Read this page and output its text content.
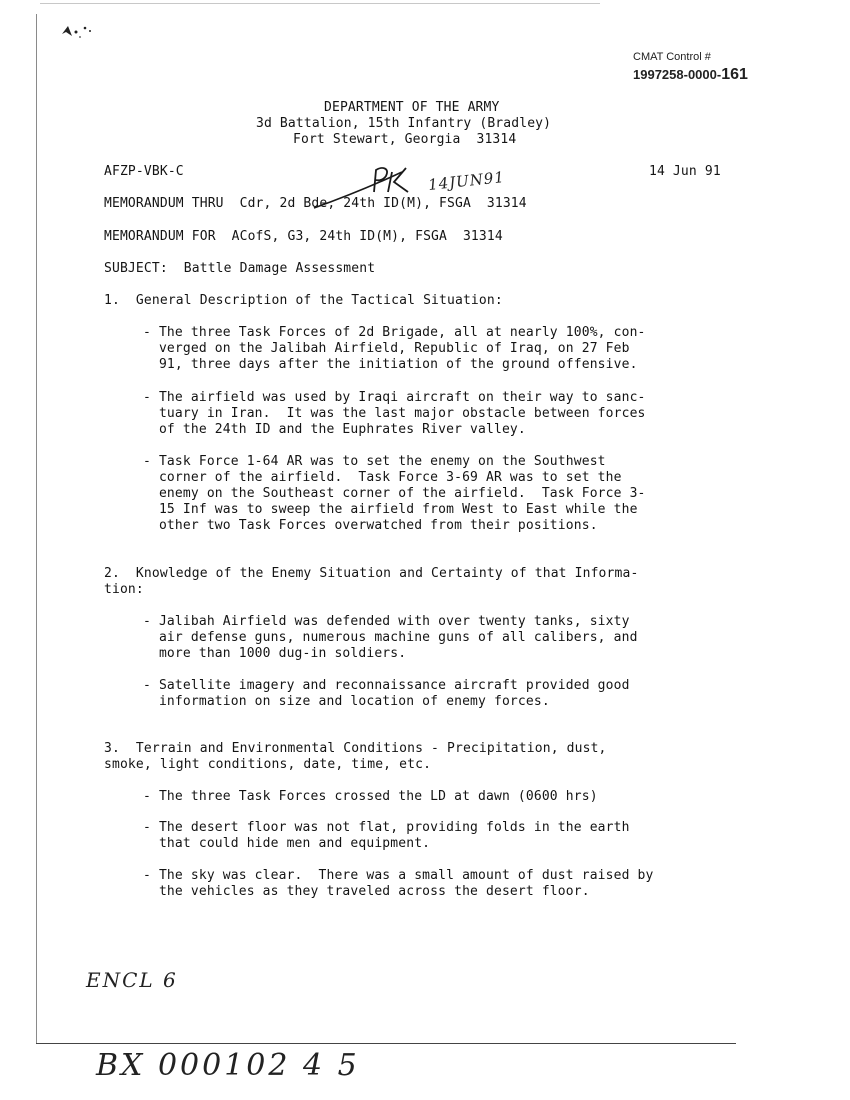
CMAT Control #
1997258-0000-161
DEPARTMENT OF THE ARMY
3d Battalion, 15th Infantry (Bradley)
Fort Stewart, Georgia  31314
AFZP-VBK-C	14 Jun 91
14JUN91
MEMORANDUM THRU  Cdr, 2d Bde, 24th ID(M), FSGA  31314
MEMORANDUM FOR  ACofS, G3, 24th ID(M), FSGA  31314
SUBJECT:  Battle Damage Assessment
1.  General Description of the Tactical Situation:
- The three Task Forces of 2d Brigade, all at nearly 100%, con-
verged on the Jalibah Airfield, Republic of Iraq, on 27 Feb
91, three days after the initiation of the ground offensive.
- The airfield was used by Iraqi aircraft on their way to sanc-
tuary in Iran.  It was the last major obstacle between forces
of the 24th ID and the Euphrates River valley.
- Task Force 1-64 AR was to set the enemy on the Southwest
corner of the airfield.  Task Force 3-69 AR was to set the
enemy on the Southeast corner of the airfield.  Task Force 3-
15 Inf was to sweep the airfield from West to East while the
other two Task Forces overwatched from their positions.
2.  Knowledge of the Enemy Situation and Certainty of that Informa-
tion:
- Jalibah Airfield was defended with over twenty tanks, sixty
air defense guns, numerous machine guns of all calibers, and
more than 1000 dug-in soldiers.
- Satellite imagery and reconnaissance aircraft provided good
information on size and location of enemy forces.
3.  Terrain and Environmental Conditions - Precipitation, dust,
smoke, light conditions, date, time, etc.
- The three Task Forces crossed the LD at dawn (0600 hrs)
- The desert floor was not flat, providing folds in the earth
that could hide men and equipment.
- The sky was clear.  There was a small amount of dust raised by
the vehicles as they traveled across the desert floor.
ENCL 6
BX 000102 4 5
